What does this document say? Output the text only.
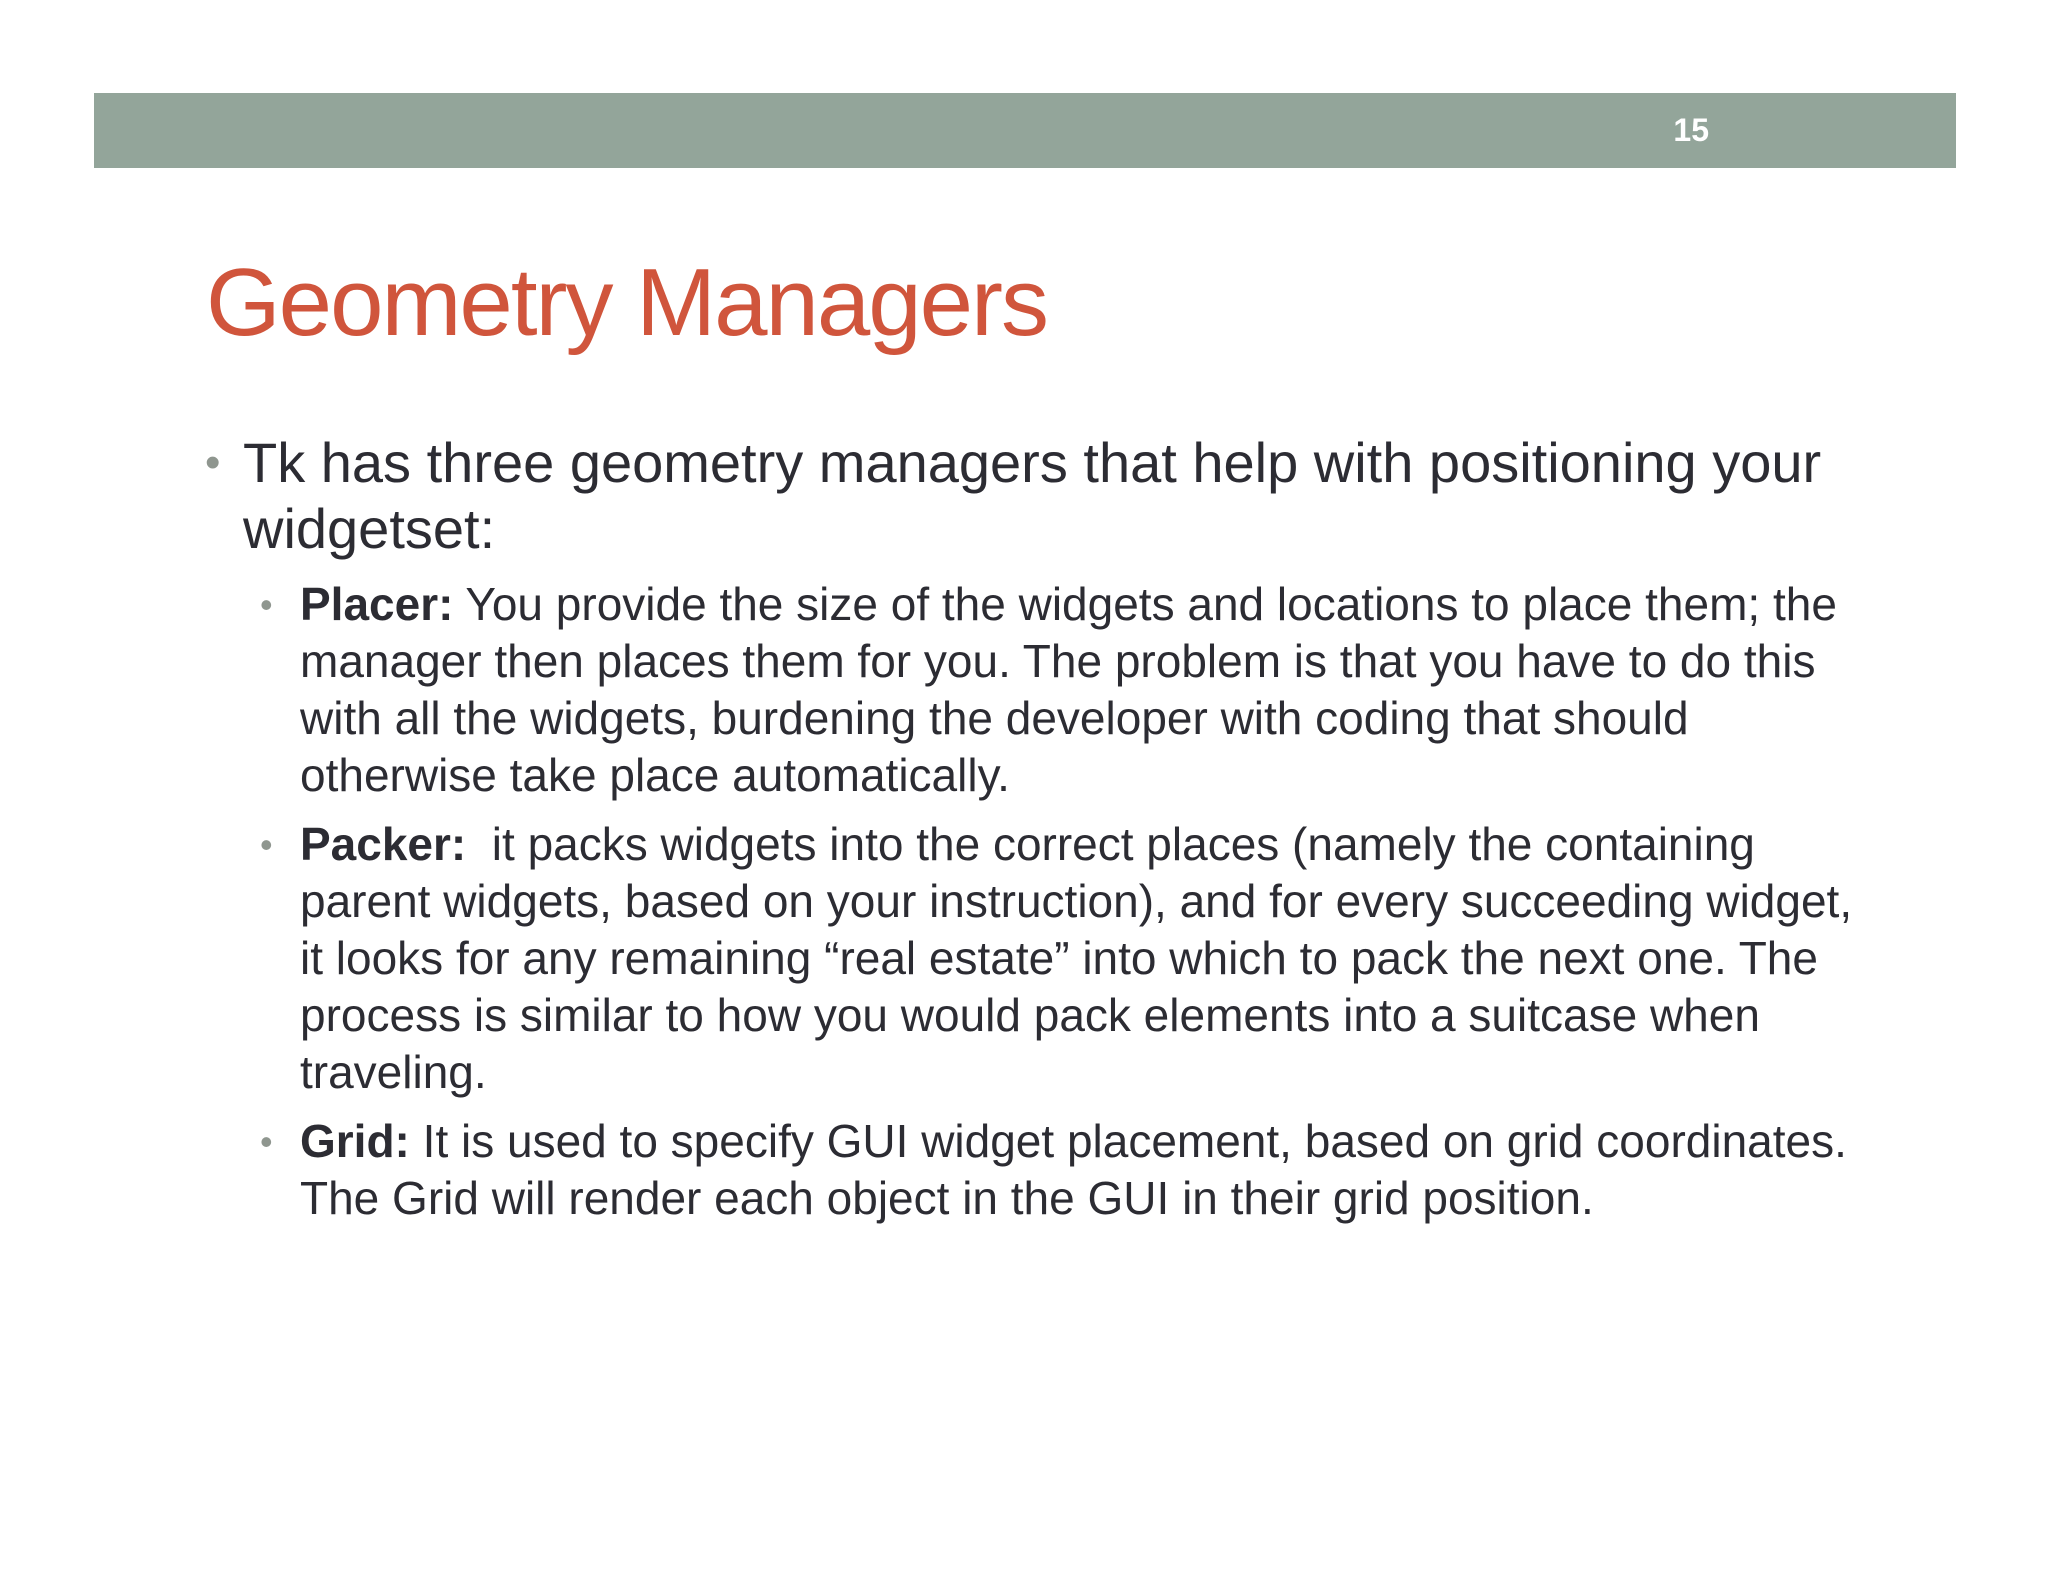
15
Geometry Managers
• Tk has three geometry managers that help with positioning your widgetset:
• Placer: You provide the size of the widgets and locations to place them; the manager then places them for you. The problem is that you have to do this with all the widgets, burdening the developer with coding that should otherwise take place automatically.
• Packer:  it packs widgets into the correct places (namely the containing parent widgets, based on your instruction), and for every succeeding widget, it looks for any remaining “real estate” into which to pack the next one. The process is similar to how you would pack elements into a suitcase when traveling.
• Grid: It is used to specify GUI widget placement, based on grid coordinates. The Grid will render each object in the GUI in their grid position.
